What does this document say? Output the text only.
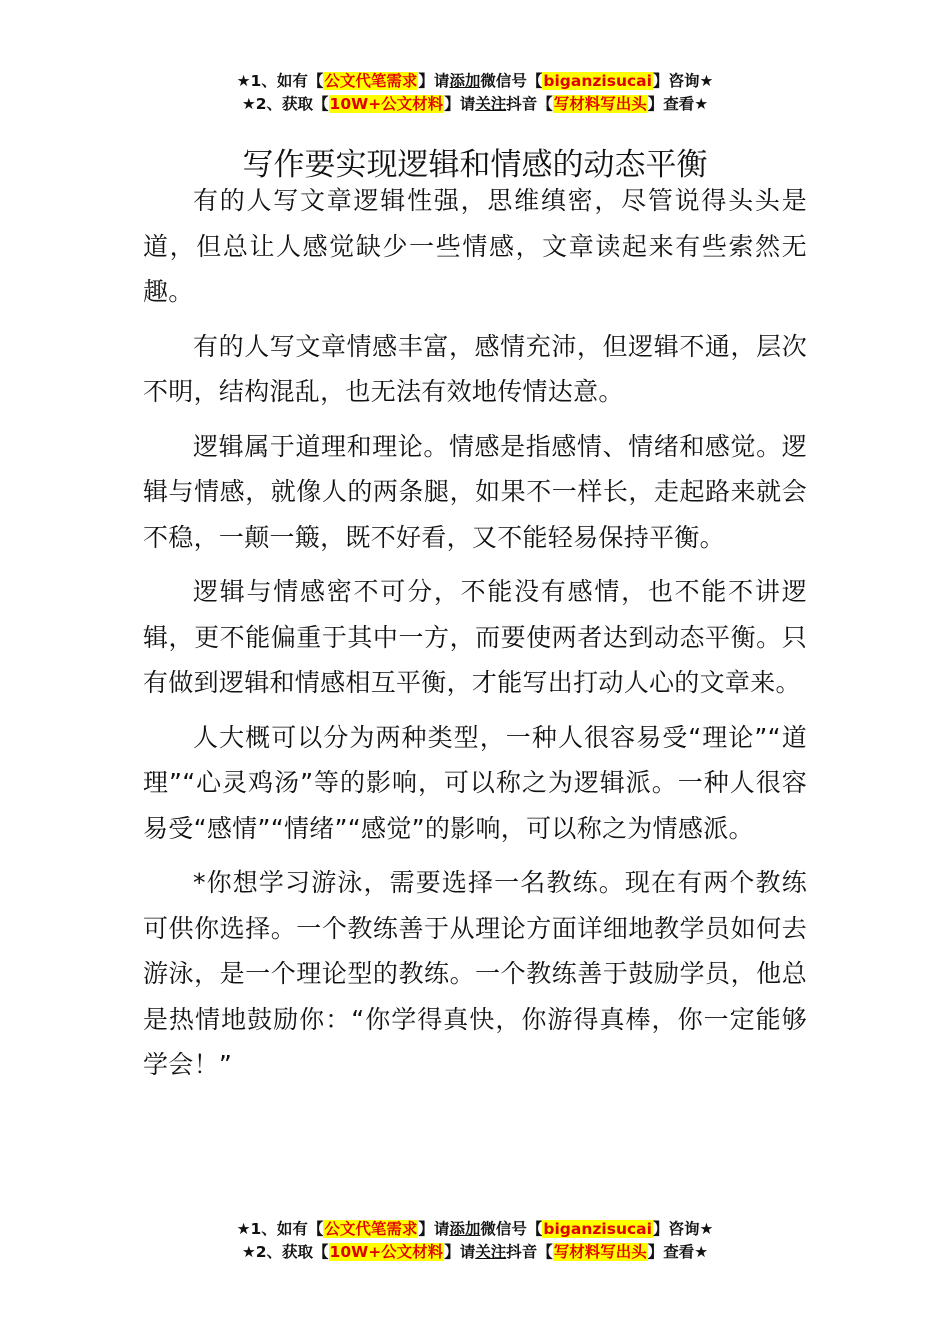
★1、如有【公文代笔需求】请添加微信号【biganzisucai】咨询★
★2、获取【10W+公文材料】请关注抖音【写材料写出头】查看★
写作要实现逻辑和情感的动态平衡

有的人写文章逻辑性强，思维缜密，尽管说得头头是道，但总让人感觉缺少一些情感，文章读起来有些索然无趣。

有的人写文章情感丰富，感情充沛，但逻辑不通，层次不明，结构混乱，也无法有效地传情达意。

逻辑属于道理和理论。情感是指感情、情绪和感觉。逻辑与情感，就像人的两条腿，如果不一样长，走起路来就会不稳，一颠一簸，既不好看，又不能轻易保持平衡。

逻辑与情感密不可分，不能没有感情，也不能不讲逻辑，更不能偏重于其中一方，而要使两者达到动态平衡。只有做到逻辑和情感相互平衡，才能写出打动人心的文章来。

人大概可以分为两种类型，一种人很容易受“理论”“道理”“心灵鸡汤”等的影响，可以称之为逻辑派。一种人很容易受“感情”“情绪”“感觉”的影响，可以称之为情感派。

*你想学习游泳，需要选择一名教练。现在有两个教练可供你选择。一个教练善于从理论方面详细地教学员如何去游泳，是一个理论型的教练。一个教练善于鼓励学员，他总是热情地鼓励你：“你学得真快，你游得真棒，你一定能够学会！”

★1、如有【公文代笔需求】请添加微信号【biganzisucai】咨询★
★2、获取【10W+公文材料】请关注抖音【写材料写出头】查看★
